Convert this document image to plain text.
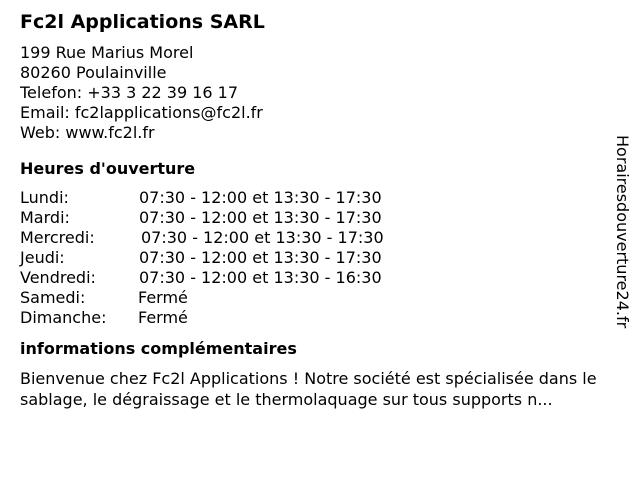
Fc2l Applications SARL
199 Rue Marius Morel
80260 Poulainville
Telefon: +33 3 22 39 16 17
Email: fc2lapplications@fc2l.fr
Web: www.fc2l.fr
Heures d'ouverture
Lundi:	07:30 - 12:00 et 13:30 - 17:30
Mardi:	07:30 - 12:00 et 13:30 - 17:30
Mercredi:	07:30 - 12:00 et 13:30 - 17:30
Jeudi:	07:30 - 12:00 et 13:30 - 17:30
Vendredi:	07:30 - 12:00 et 13:30 - 16:30
Samedi:	Fermé
Dimanche: Fermé
informations complémentaires
Bienvenue chez Fc2l Applications ! Notre société est spécialisée dans le sablage, le dégraissage et le thermolaquage sur tous supports n...
Horairesdouverture24.fr
